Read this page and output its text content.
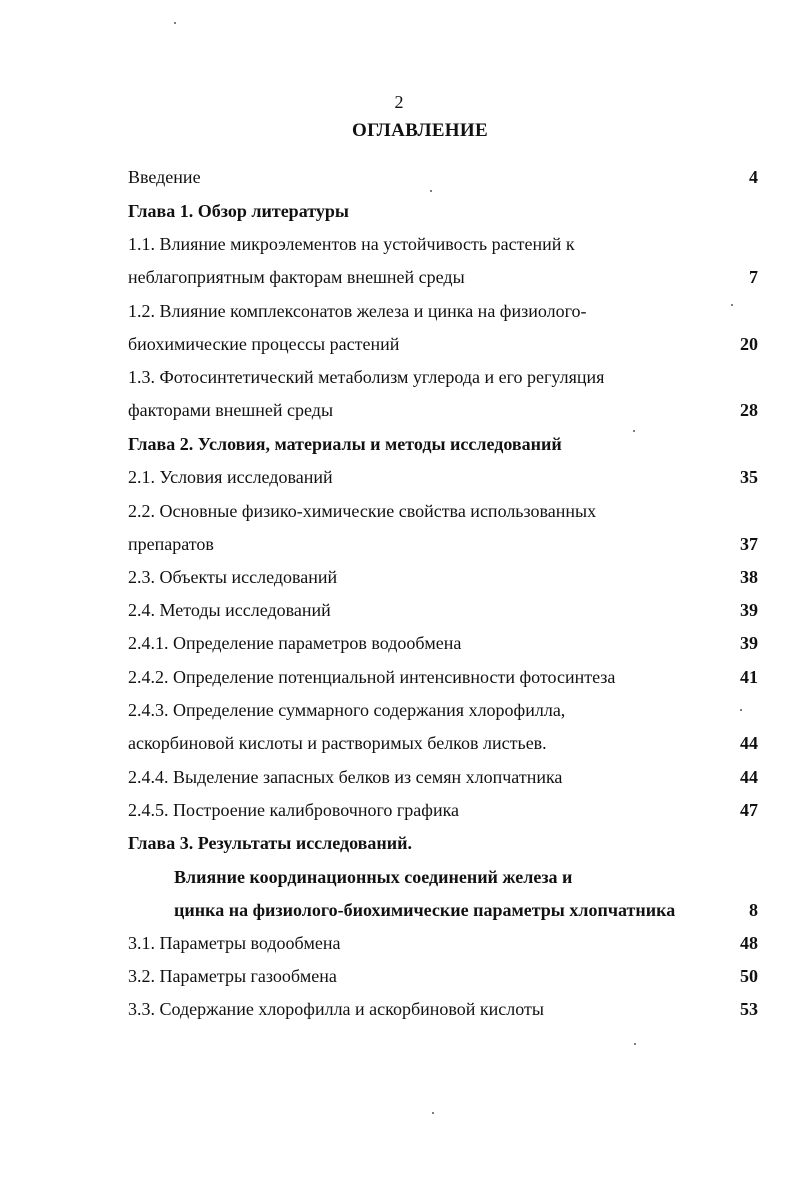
2
ОГЛАВЛЕНИЕ
Введение	4
Глава 1. Обзор литературы
1.1. Влияние микроэлементов на устойчивость растений к
неблагоприятным факторам внешней среды	7
1.2. Влияние комплексонатов железа и цинка на физиолого-
биохимические процессы растений	20
1.3. Фотосинтетический метаболизм углерода и его регуляция
факторами внешней среды	28
Глава 2. Условия, материалы и методы исследований
2.1. Условия исследований	35
2.2. Основные физико-химические свойства использованных
препаратов	37
2.3. Объекты исследований	38
2.4. Методы исследований	39
2.4.1. Определение параметров водообмена	39
2.4.2. Определение потенциальной интенсивности фотосинтеза	41
2.4.3. Определение суммарного содержания хлорофилла,
аскорбиновой кислоты и растворимых белков листьев.	44
2.4.4. Выделение запасных белков из семян хлопчатника	44
2.4.5. Построение калибровочного графика	47
Глава 3. Результаты исследований.
Влияние координационных соединений железа и
цинка на физиолого-биохимические параметры хлопчатника	8
3.1. Параметры водообмена	48
3.2. Параметры газообмена	50
3.3. Содержание хлорофилла и аскорбиновой кислоты	53
